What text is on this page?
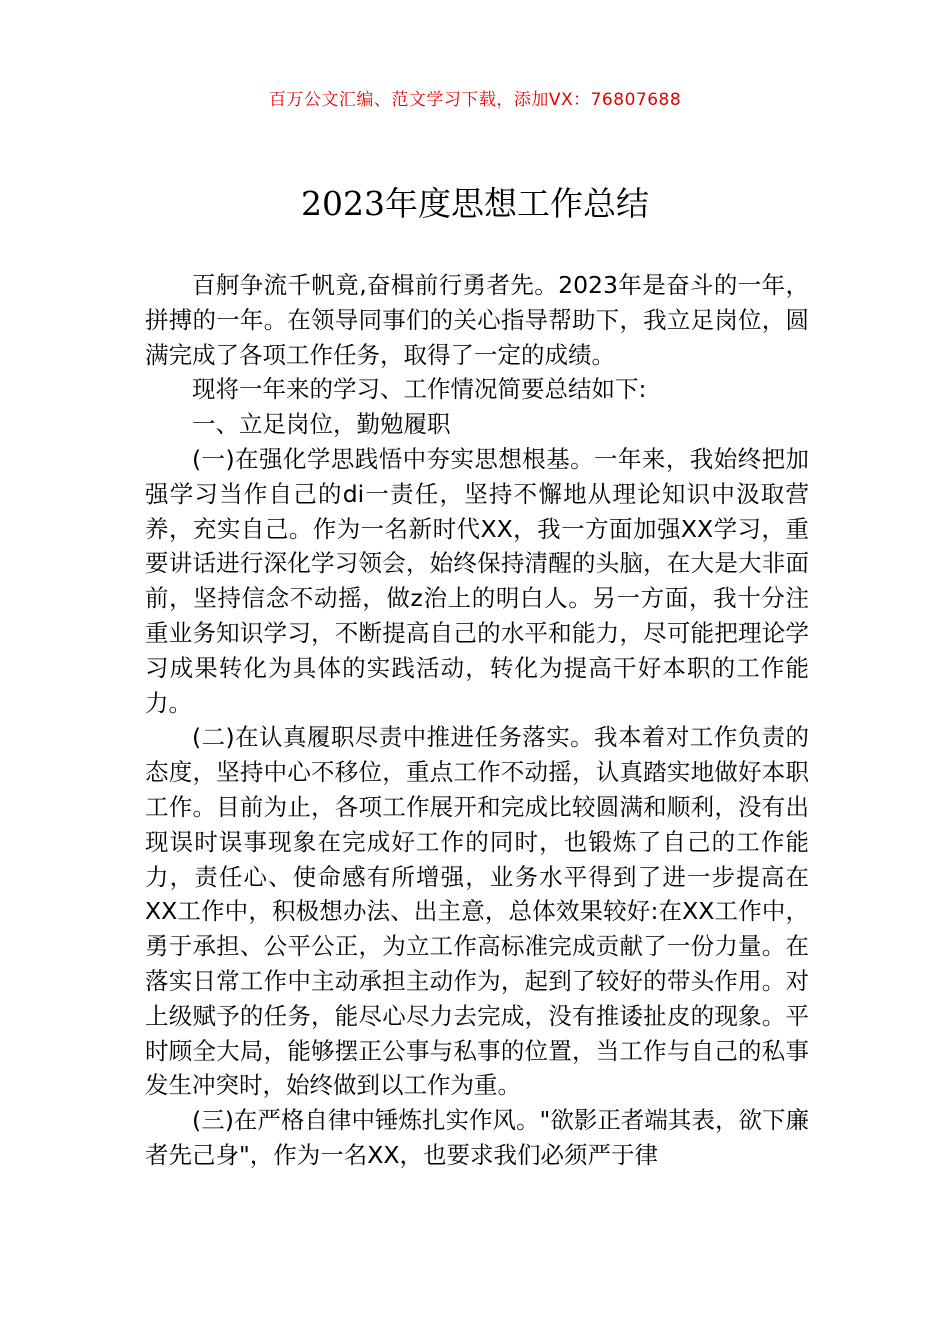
百万公文汇编、范文学习下载，添加VX：76807688
2023年度思想工作总结

百舸争流千帆竟,奋楫前行勇者先。2023年是奋斗的一年，拼搏的一年。在领导同事们的关心指导帮助下，我立足岗位，圆满完成了各项工作任务，取得了一定的成绩。

现将一年来的学习、工作情况简要总结如下:

一、立足岗位，勤勉履职

(一)在强化学思践悟中夯实思想根基。一年来，我始终把加强学习当作自己的di一责任，坚持不懈地从理论知识中汲取营养，充实自己。作为一名新时代XX，我一方面加强XX学习，重要讲话进行深化学习领会，始终保持清醒的头脑，在大是大非面前，坚持信念不动摇，做z治上的明白人。另一方面，我十分注重业务知识学习，不断提高自己的水平和能力，尽可能把理论学习成果转化为具体的实践活动，转化为提高干好本职的工作能力。

(二)在认真履职尽责中推进任务落实。我本着对工作负责的态度，坚持中心不移位，重点工作不动摇，认真踏实地做好本职工作。目前为止，各项工作展开和完成比较圆满和顺利，没有出现误时误事现象在完成好工作的同时，也锻炼了自己的工作能力，责任心、使命感有所增强，业务水平得到了进一步提高在XX工作中，积极想办法、出主意，总体效果较好:在XX工作中，勇于承担、公平公正，为立工作高标准完成贡献了一份力量。在落实日常工作中主动承担主动作为，起到了较好的带头作用。对上级赋予的任务，能尽心尽力去完成，没有推诿扯皮的现象。平时顾全大局，能够摆正公事与私事的位置，当工作与自己的私事发生冲突时，始终做到以工作为重。

(三)在严格自律中锤炼扎实作风。"欲影正者端其表，欲下廉者先己身"，作为一名XX，也要求我们必须严于律
